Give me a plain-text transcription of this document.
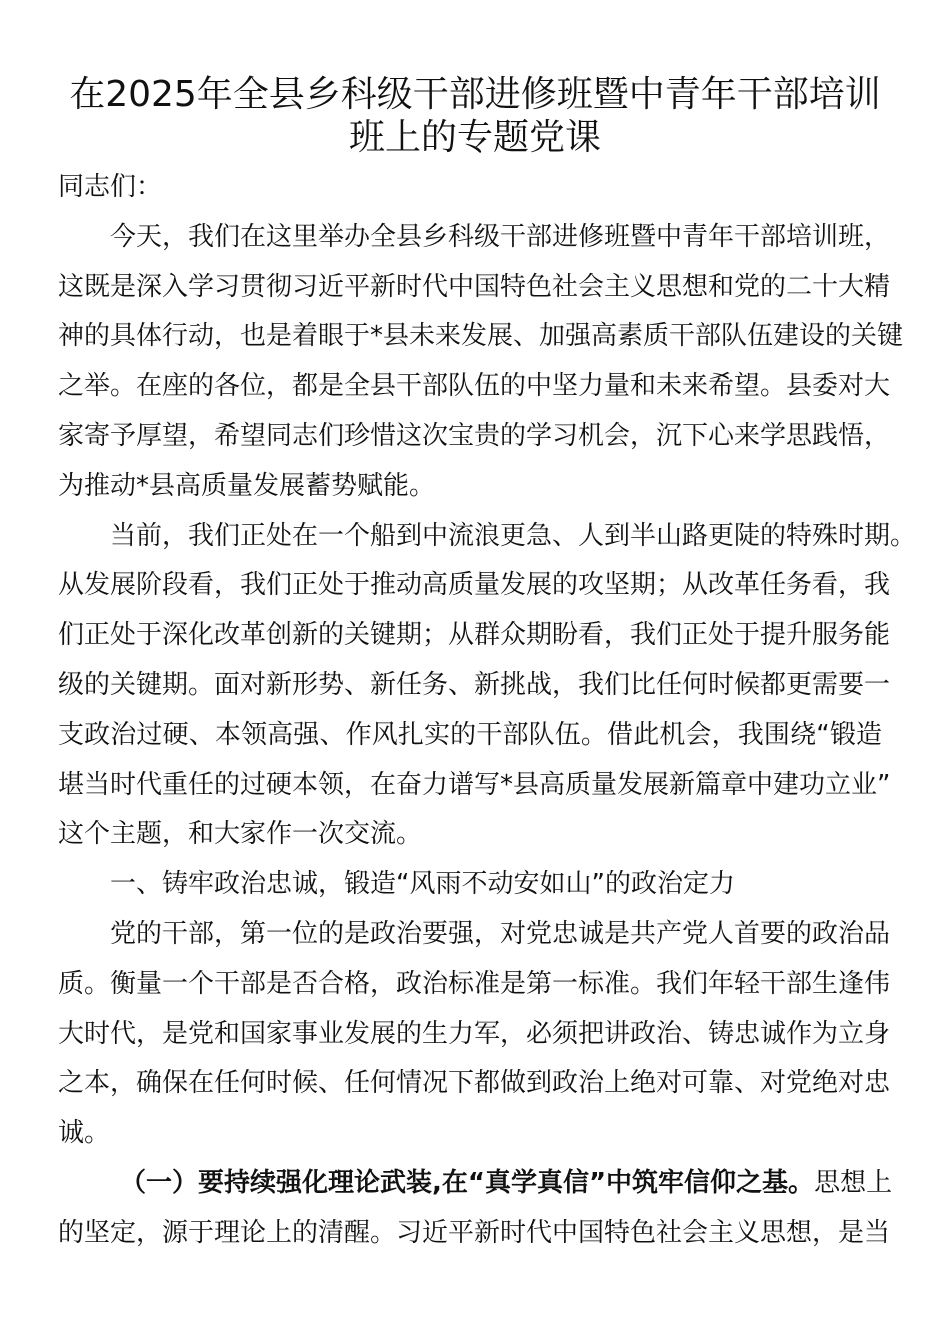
在2025年全县乡科级干部进修班暨中青年干部培训
班上的专题党课
同志们：
今天，我们在这里举办全县乡科级干部进修班暨中青年干部培训班，
这既是深入学习贯彻习近平新时代中国特色社会主义思想和党的二十大精
神的具体行动，也是着眼于*县未来发展、加强高素质干部队伍建设的关键
之举。在座的各位，都是全县干部队伍的中坚力量和未来希望。县委对大
家寄予厚望，希望同志们珍惜这次宝贵的学习机会，沉下心来学思践悟，
为推动*县高质量发展蓄势赋能。
当前，我们正处在一个船到中流浪更急、人到半山路更陡的特殊时期。
从发展阶段看，我们正处于推动高质量发展的攻坚期；从改革任务看，我
们正处于深化改革创新的关键期；从群众期盼看，我们正处于提升服务能
级的关键期。面对新形势、新任务、新挑战，我们比任何时候都更需要一
支政治过硬、本领高强、作风扎实的干部队伍。借此机会，我围绕“锻造
堪当时代重任的过硬本领，在奋力谱写*县高质量发展新篇章中建功立业”
这个主题，和大家作一次交流。
一、铸牢政治忠诚，锻造“风雨不动安如山”的政治定力
党的干部，第一位的是政治要强，对党忠诚是共产党人首要的政治品
质。衡量一个干部是否合格，政治标准是第一标准。我们年轻干部生逢伟
大时代，是党和国家事业发展的生力军，必须把讲政治、铸忠诚作为立身
之本，确保在任何时候、任何情况下都做到政治上绝对可靠、对党绝对忠
诚。
（一）要持续强化理论武装,在“真学真信”中筑牢信仰之基。思想上
的坚定，源于理论上的清醒。习近平新时代中国特色社会主义思想，是当
